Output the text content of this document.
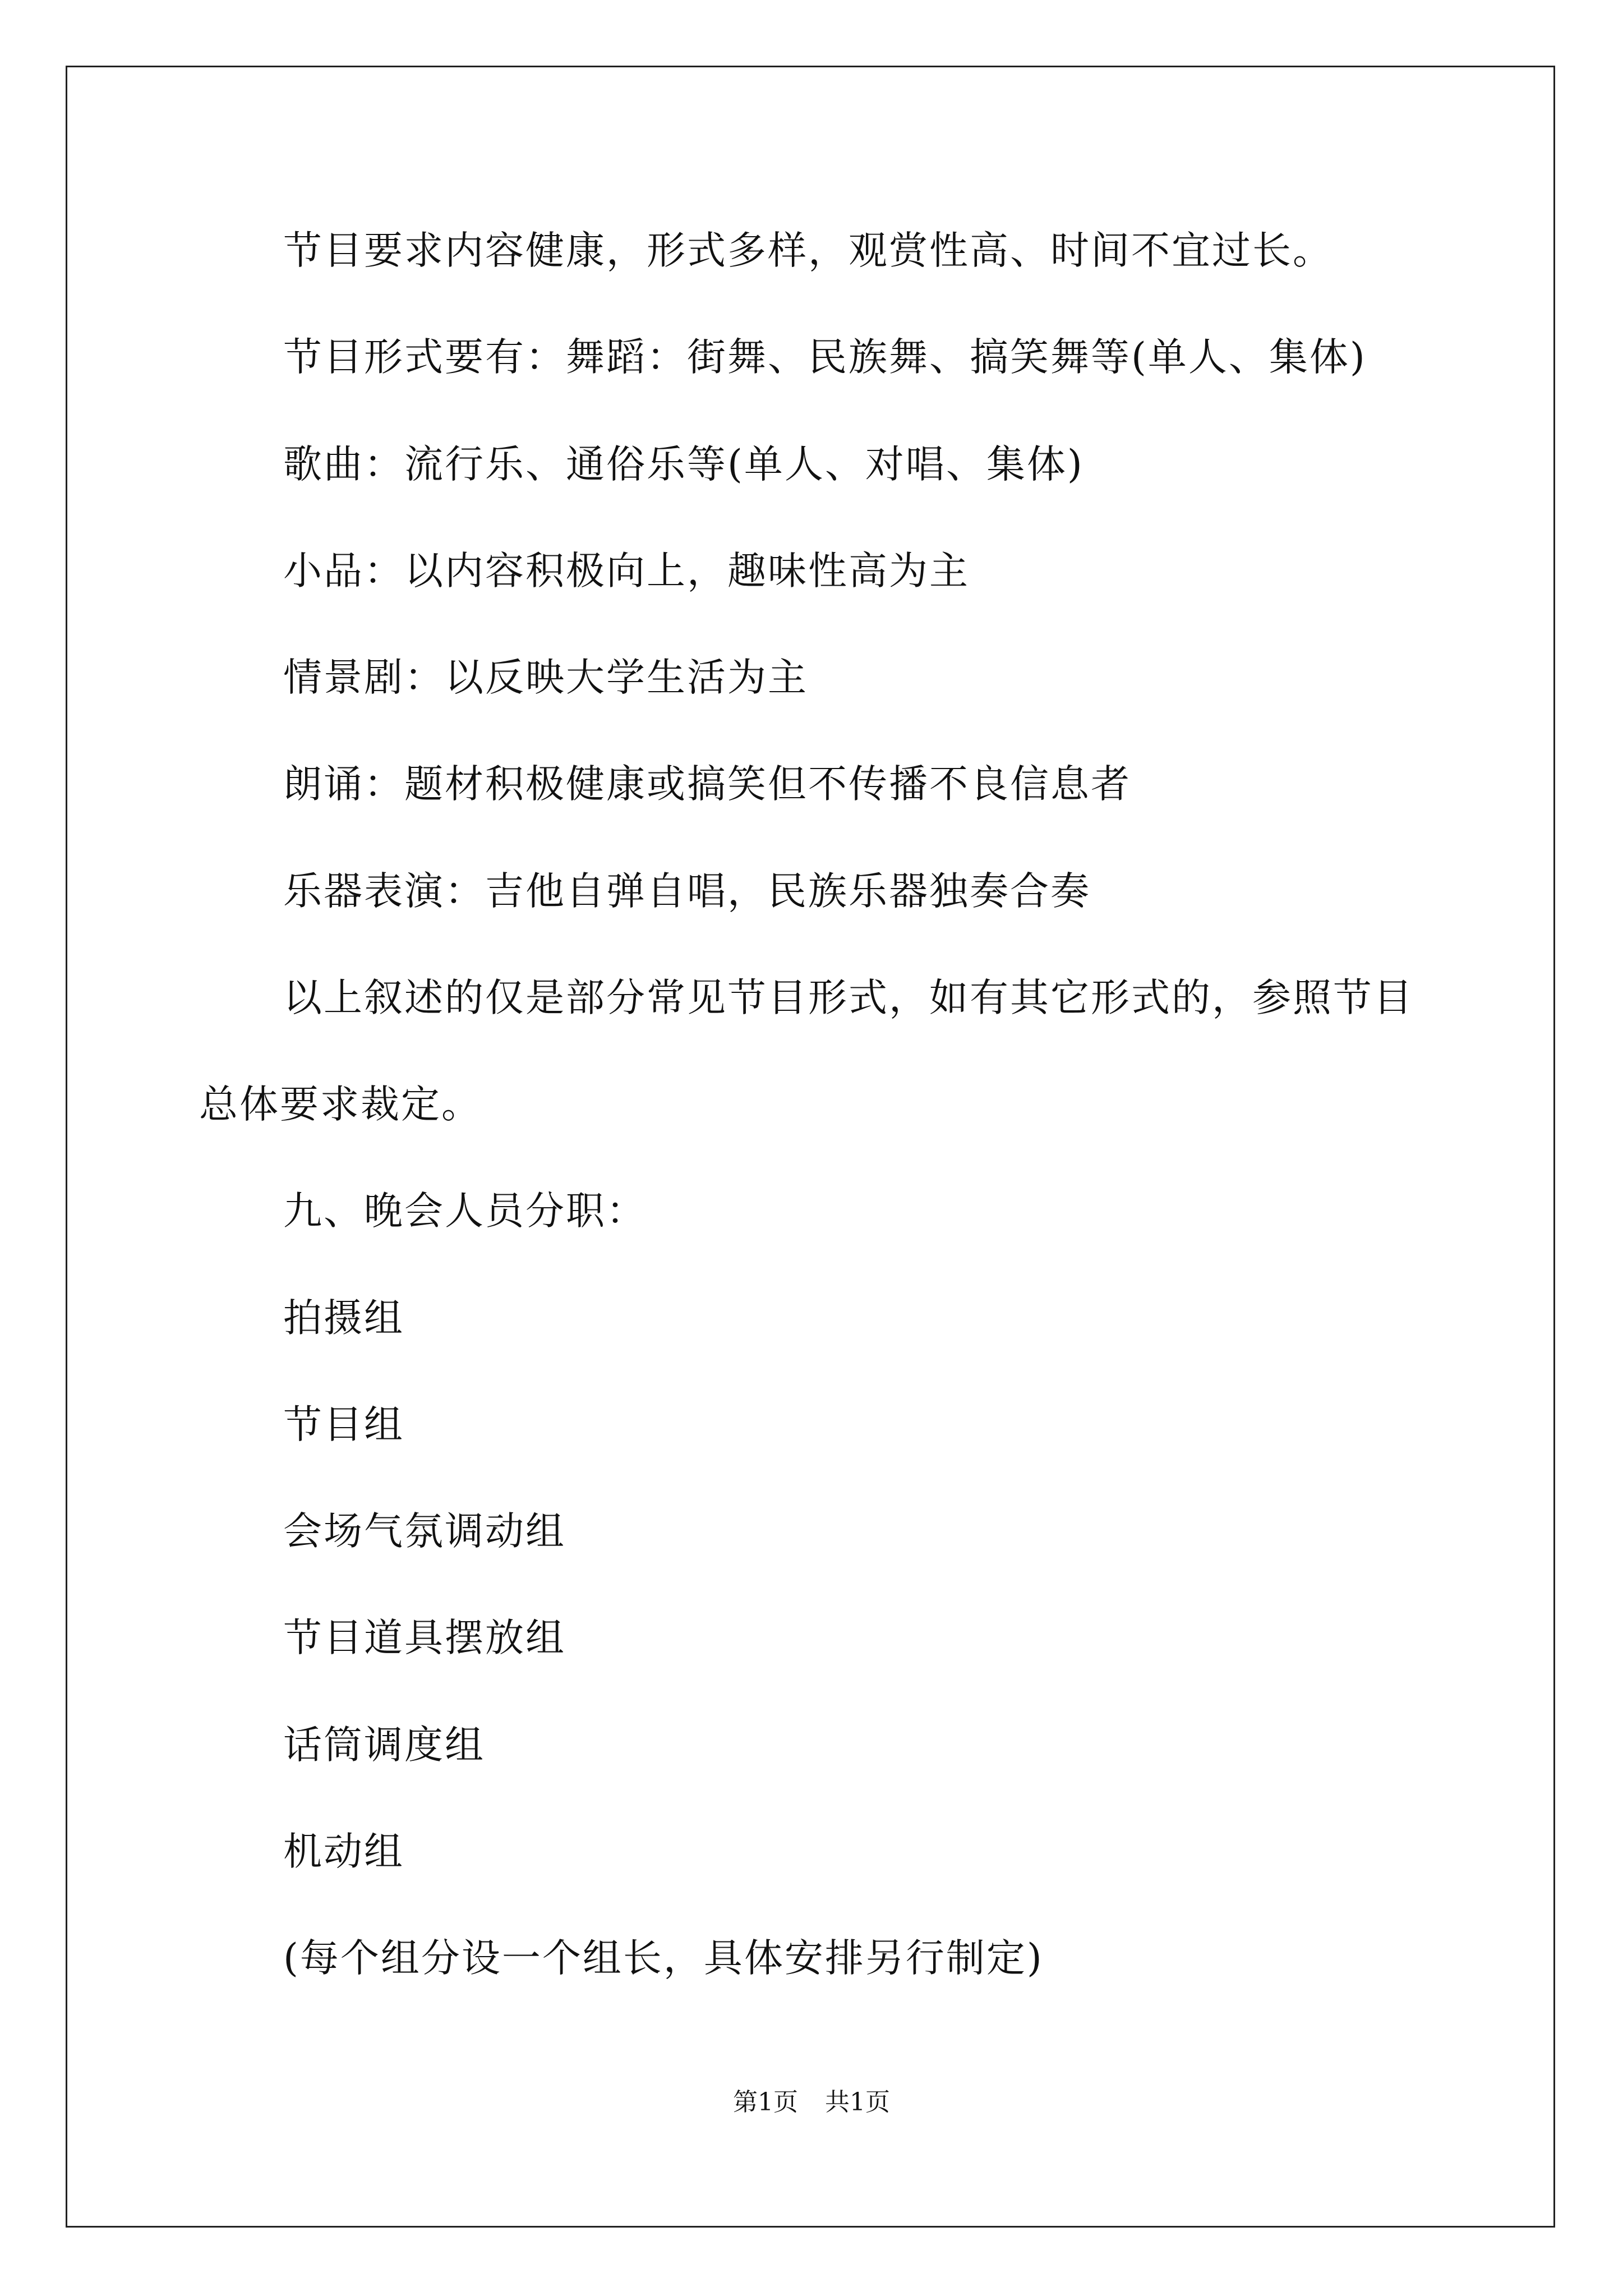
节目要求内容健康，形式多样，观赏性高、时间不宜过长。
节目形式要有：舞蹈：街舞、民族舞、搞笑舞等(单人、集体)
歌曲：流行乐、通俗乐等(单人、对唱、集体)
小品：以内容积极向上，趣味性高为主
情景剧：以反映大学生活为主
朗诵：题材积极健康或搞笑但不传播不良信息者
乐器表演：吉他自弹自唱，民族乐器独奏合奏
以上叙述的仅是部分常见节目形式，如有其它形式的，参照节目
总体要求裁定。
九、晚会人员分职：
拍摄组
节目组
会场气氛调动组
节目道具摆放组
话筒调度组
机动组
(每个组分设一个组长，具体安排另行制定)
第1页 共1页
